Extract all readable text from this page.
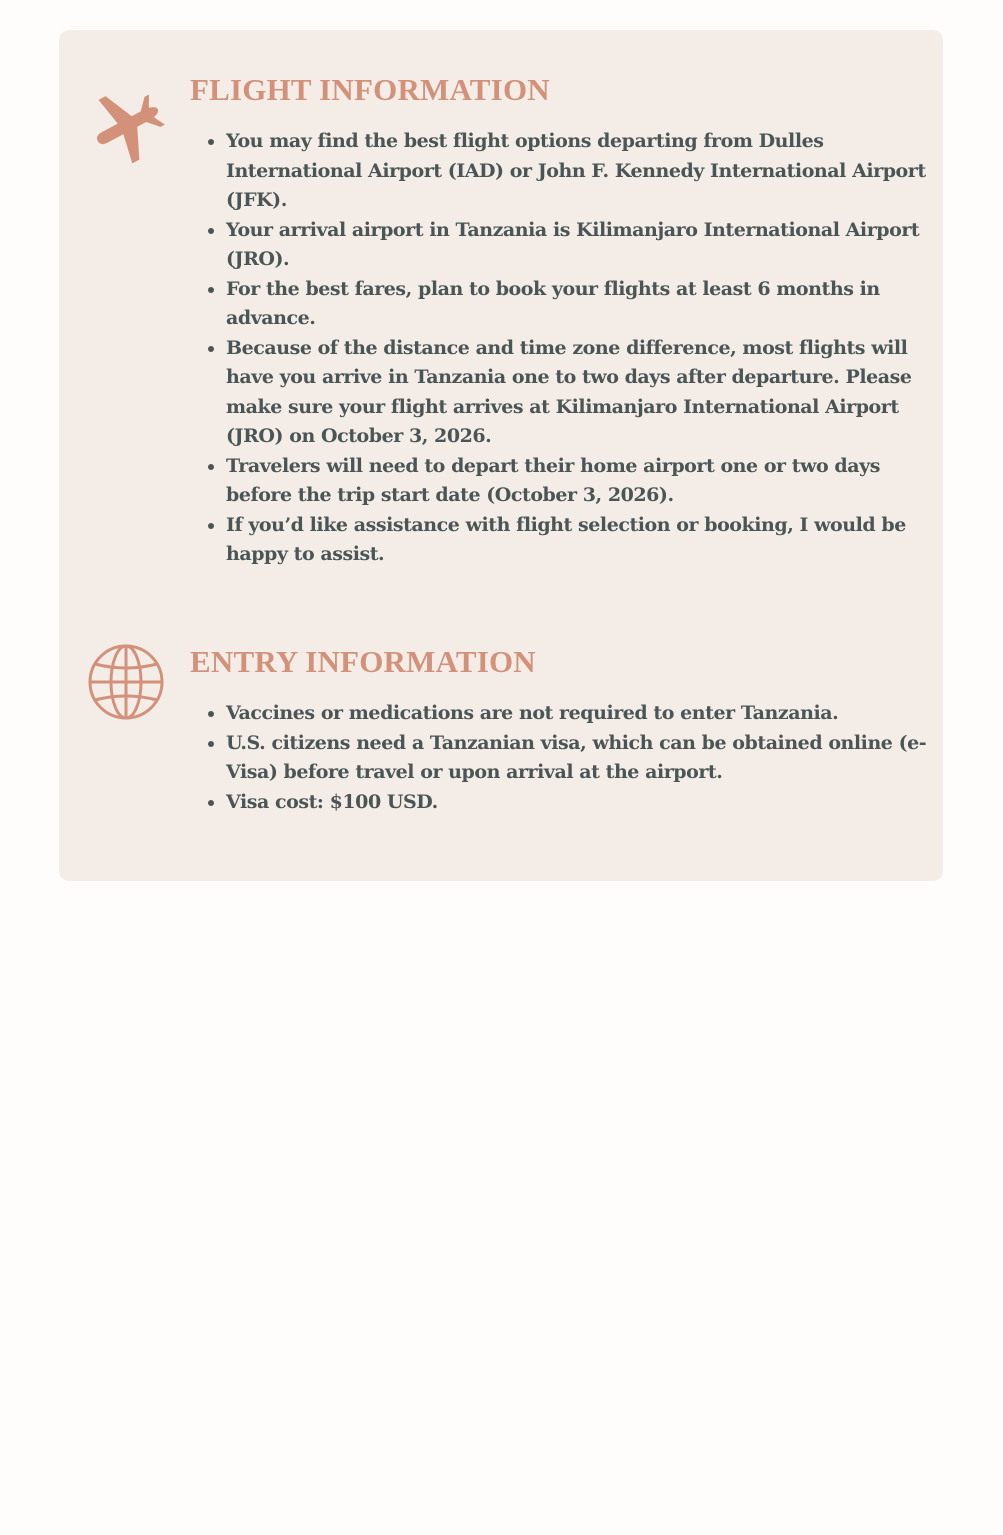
FLIGHT INFORMATION
• You may find the best flight options departing from Dulles International Airport (IAD) or John F. Kennedy International Airport (JFK).
• Your arrival airport in Tanzania is Kilimanjaro International Airport (JRO).
• For the best fares, plan to book your flights at least 6 months in advance.
• Because of the distance and time zone difference, most flights will have you arrive in Tanzania one to two days after departure. Please make sure your flight arrives at Kilimanjaro International Airport (JRO) on October 3, 2026.
• Travelers will need to depart their home airport one or two days before the trip start date (October 3, 2026).
• If you’d like assistance with flight selection or booking, I would be happy to assist.
ENTRY INFORMATION
• Vaccines or medications are not required to enter Tanzania.
• U.S. citizens need a Tanzanian visa, which can be obtained online (e-Visa) before travel or upon arrival at the airport.
• Visa cost: $100 USD.
